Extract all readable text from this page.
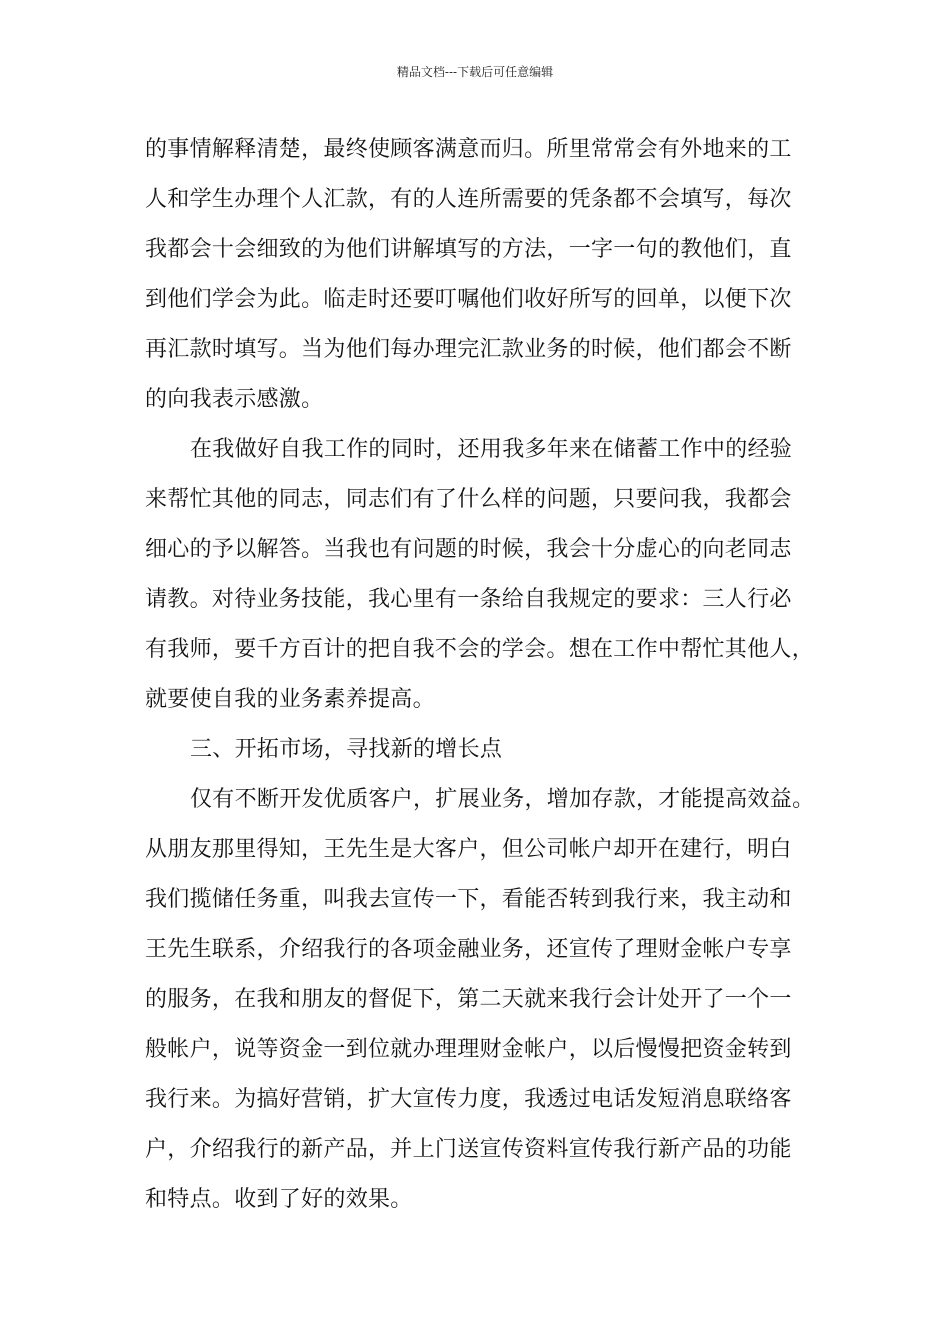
精品文档---下载后可任意编辑
的事情解释清楚，最终使顾客满意而归。所里常常会有外地来的工
人和学生办理个人汇款，有的人连所需要的凭条都不会填写，每次
我都会十会细致的为他们讲解填写的方法，一字一句的教他们，直
到他们学会为此。临走时还要叮嘱他们收好所写的回单，以便下次
再汇款时填写。当为他们每办理完汇款业务的时候，他们都会不断
的向我表示感激。
在我做好自我工作的同时，还用我多年来在储蓄工作中的经验
来帮忙其他的同志，同志们有了什么样的问题，只要问我，我都会
细心的予以解答。当我也有问题的时候，我会十分虚心的向老同志
请教。对待业务技能，我心里有一条给自我规定的要求：三人行必
有我师，要千方百计的把自我不会的学会。想在工作中帮忙其他人，
就要使自我的业务素养提高。
三、开拓市场，寻找新的增长点
仅有不断开发优质客户，扩展业务，增加存款，才能提高效益。
从朋友那里得知，王先生是大客户，但公司帐户却开在建行，明白
我们揽储任务重，叫我去宣传一下，看能否转到我行来，我主动和
王先生联系，介绍我行的各项金融业务，还宣传了理财金帐户专享
的服务，在我和朋友的督促下，第二天就来我行会计处开了一个一
般帐户，说等资金一到位就办理理财金帐户，以后慢慢把资金转到
我行来。为搞好营销，扩大宣传力度，我透过电话发短消息联络客
户，介绍我行的新产品，并上门送宣传资料宣传我行新产品的功能
和特点。收到了好的效果。
